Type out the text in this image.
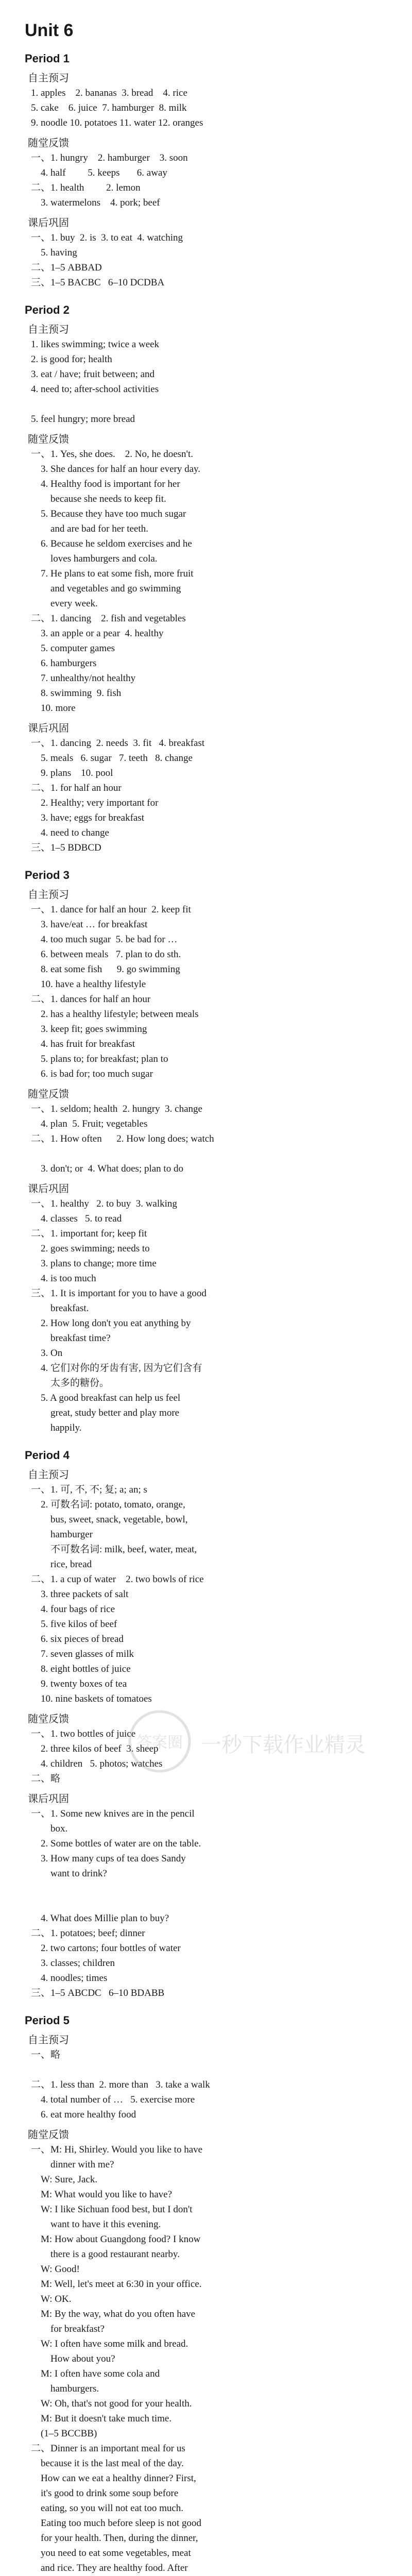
Unit 6
Period 1
自主预习
1. apples    2. bananas  3. bread    4. rice
5. cake    6. juice  7. hamburger  8. milk
9. noodle 10. potatoes 11. water 12. oranges
随堂反馈
一、1. hungry    2. hamburger    3. soon
4. half         5. keeps       6. away
二、1. health         2. lemon
3. watermelons    4. pork; beef
课后巩固
一、1. buy  2. is  3. to eat  4. watching
5. having
二、1–5 ABBAD
三、1–5 BACBC   6–10 DCDBA
Period 2
自主预习
1. likes swimming; twice a week
2. is good for; health
3. eat / have; fruit between; and
4. need to; after-school activities

5. feel hungry; more bread
随堂反馈
一、1. Yes, she does.    2. No, he doesn't.
3. She dances for half an hour every day.
4. Healthy food is important for her
because she needs to keep fit.
5. Because they have too much sugar
and are bad for her teeth.
6. Because he seldom exercises and he
loves hamburgers and cola.
7. He plans to eat some fish, more fruit
and vegetables and go swimming
every week.
二、1. dancing    2. fish and vegetables
3. an apple or a pear  4. healthy
5. computer games
6. hamburgers
7. unhealthy/not healthy
8. swimming  9. fish
10. more
课后巩固
一、1. dancing  2. needs  3. fit   4. breakfast
5. meals   6. sugar   7. teeth   8. change
9. plans    10. pool
二、1. for half an hour
2. Healthy; very important for
3. have; eggs for breakfast
4. need to change
三、1–5 BDBCD
Period 3
自主预习
一、1. dance for half an hour  2. keep fit
3. have/eat … for breakfast
4. too much sugar  5. be bad for …
6. between meals   7. plan to do sth.
8. eat some fish      9. go swimming
10. have a healthy lifestyle
二、1. dances for half an hour
2. has a healthy lifestyle; between meals
3. keep fit; goes swimming
4. has fruit for breakfast
5. plans to; for breakfast; plan to
6. is bad for; too much sugar
随堂反馈
一、1. seldom; health  2. hungry  3. change
4. plan  5. Fruit; vegetables
二、1. How often      2. How long does; watch

3. don't; or  4. What does; plan to do
课后巩固
一、1. healthy   2. to buy  3. walking
4. classes   5. to read
二、1. important for; keep fit
2. goes swimming; needs to
3. plans to change; more time
4. is too much
三、1. It is important for you to have a good
breakfast.
2. How long don't you eat anything by
breakfast time?
3. On
4. 它们对你的牙齿有害, 因为它们含有
太多的糖份。
5. A good breakfast can help us feel
great, study better and play more
happily.
Period 4
自主预习
一、1. 可, 不, 不; 复; a; an; s
2. 可数名词: potato, tomato, orange,
bus, sweet, snack, vegetable, bowl,
hamburger
不可数名词: milk, beef, water, meat,
rice, bread
二、1. a cup of water    2. two bowls of rice
3. three packets of salt
4. four bags of rice
5. five kilos of beef
6. six pieces of bread
7. seven glasses of milk
8. eight bottles of juice
9. twenty boxes of tea
10. nine baskets of tomatoes
随堂反馈
一、1. two bottles of juice
2. three kilos of beef  3. sheep
4. children   5. photos; watches
二、略
课后巩固
一、1. Some new knives are in the pencil
box.
2. Some bottles of water are on the table.
3. How many cups of tea does Sandy
want to drink?

4. What does Millie plan to buy?
二、1. potatoes; beef; dinner
2. two cartons; four bottles of water
3. classes; children
4. noodles; times
三、1–5 ABCDC   6–10 BDABB
Period 5
自主预习
一、略

二、1. less than  2. more than   3. take a walk
4. total number of …   5. exercise more
6. eat more healthy food
随堂反馈
一、M: Hi, Shirley. Would you like to have
dinner with me?
W: Sure, Jack.
M: What would you like to have?
W: I like Sichuan food best, but I don't
want to have it this evening.
M: How about Guangdong food? I know
there is a good restaurant nearby.
W: Good!
M: Well, let's meet at 6:30 in your office.
W: OK.
M: By the way, what do you often have
for breakfast?
W: I often have some milk and bread.
How about you?
M: I often have some cola and
hamburgers.
W: Oh, that's not good for your health.
M: But it doesn't take much time.
(1–5 BCCBB)
二、Dinner is an important meal for us
because it is the last meal of the day.
How can we eat a healthy dinner? First,
it's good to drink some soup before
eating, so you will not eat too much.
Eating too much before sleep is not good
for your health. Then, during the dinner,
you need to eat some vegetables, meat
and rice. They are healthy food. After

答案圈 一秒下载作业精灵
